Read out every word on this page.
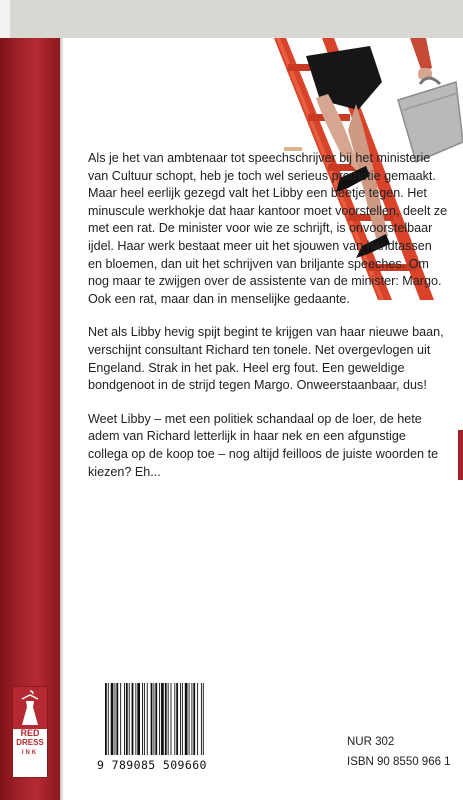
Als je het van ambtenaar tot speechschrijver bij het ministerie van Cultuur schopt, heb je toch wel serieus promotie gemaakt. Maar heel eerlijk gezegd valt het Libby een beetje tegen. Het minuscule werkhokje dat haar kantoor moet voorstellen, deelt ze met een rat. De minister voor wie ze schrijft, is onvoorstelbaar ijdel. Haar werk bestaat meer uit het sjouwen van handtassen en bloemen, dan uit het schrijven van briljante speeches. Om nog maar te zwijgen over de assistente van de minister: Margo. Ook een rat, maar dan in menselijke gedaante.

Net als Libby hevig spijt begint te krijgen van haar nieuwe baan, verschijnt consultant Richard ten tonele. Net overgevlogen uit Engeland. Strak in het pak. Heel erg fout. Een geweldige bondgenoot in de strijd tegen Margo. Onweerstaanbaar, dus!

Weet Libby – met een politiek schandaal op de loer, de hete adem van Richard letterlijk in haar nek en een afgunstige collega op de koop toe – nog altijd feilloos de juiste woorden te kiezen? Eh...

RED
DRESS
INK
9 789085 509660
NUR 302
ISBN 90 8550 966 1
